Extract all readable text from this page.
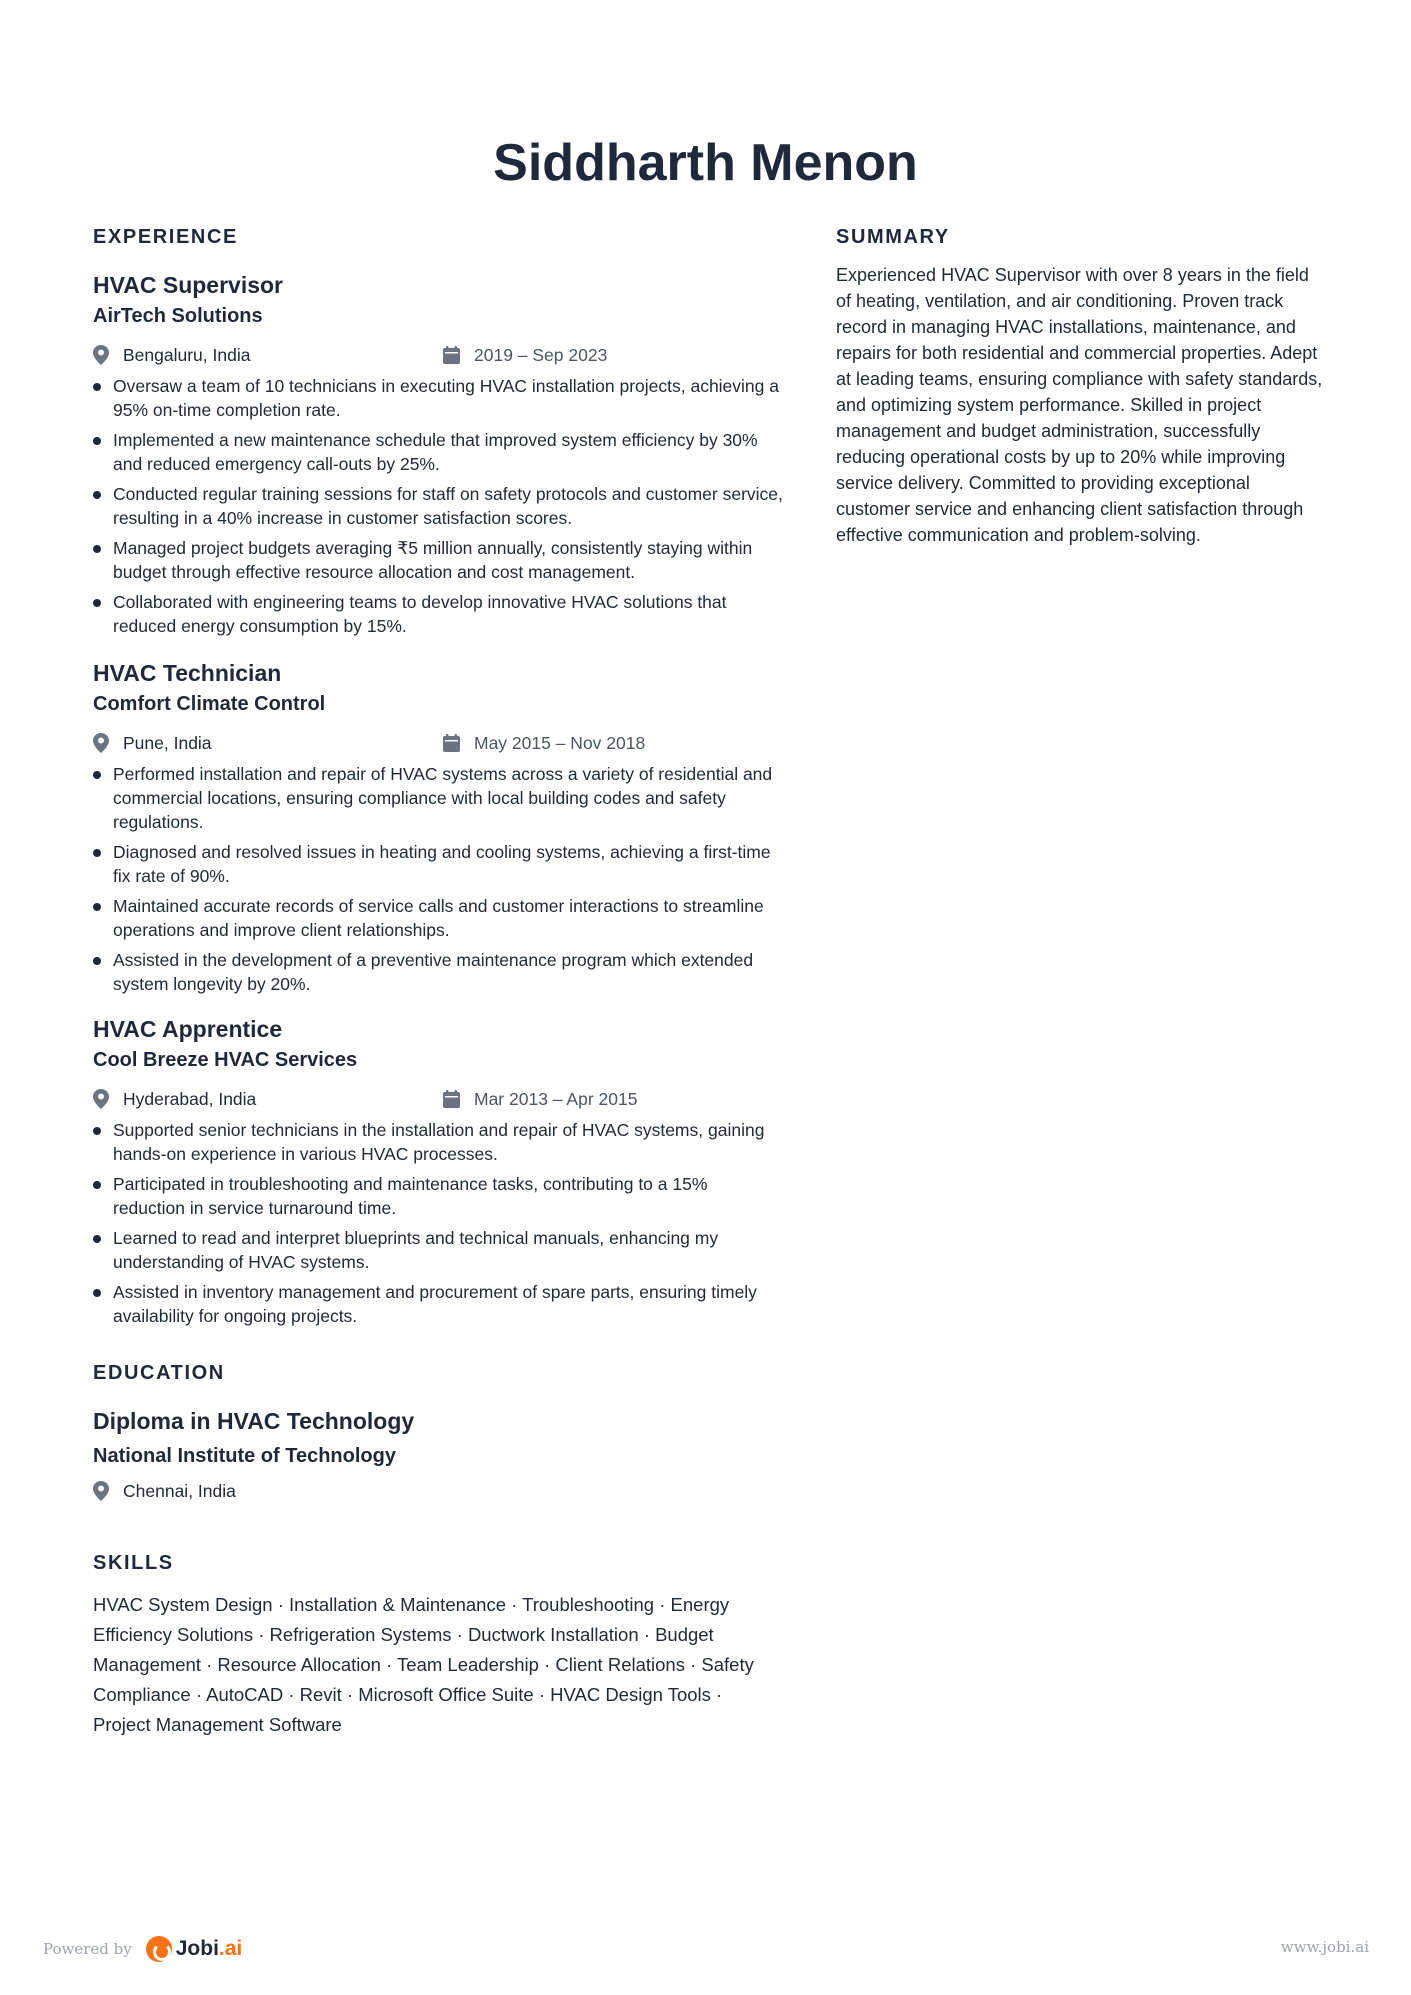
Siddharth Menon
EXPERIENCE
HVAC Supervisor
AirTech Solutions
Bengaluru, India	2019 – Sep 2023
Oversaw a team of 10 technicians in executing HVAC installation projects, achieving a 95% on-time completion rate.
Implemented a new maintenance schedule that improved system efficiency by 30% and reduced emergency call-outs by 25%.
Conducted regular training sessions for staff on safety protocols and customer service, resulting in a 40% increase in customer satisfaction scores.
Managed project budgets averaging ₹5 million annually, consistently staying within budget through effective resource allocation and cost management.
Collaborated with engineering teams to develop innovative HVAC solutions that reduced energy consumption by 15%.
HVAC Technician
Comfort Climate Control
Pune, India	May 2015 – Nov 2018
Performed installation and repair of HVAC systems across a variety of residential and commercial locations, ensuring compliance with local building codes and safety regulations.
Diagnosed and resolved issues in heating and cooling systems, achieving a first-time fix rate of 90%.
Maintained accurate records of service calls and customer interactions to streamline operations and improve client relationships.
Assisted in the development of a preventive maintenance program which extended system longevity by 20%.
HVAC Apprentice
Cool Breeze HVAC Services
Hyderabad, India	Mar 2013 – Apr 2015
Supported senior technicians in the installation and repair of HVAC systems, gaining hands-on experience in various HVAC processes.
Participated in troubleshooting and maintenance tasks, contributing to a 15% reduction in service turnaround time.
Learned to read and interpret blueprints and technical manuals, enhancing my understanding of HVAC systems.
Assisted in inventory management and procurement of spare parts, ensuring timely availability for ongoing projects.
EDUCATION
Diploma in HVAC Technology
National Institute of Technology
Chennai, India
SKILLS
HVAC System Design · Installation & Maintenance · Troubleshooting · Energy Efficiency Solutions · Refrigeration Systems · Ductwork Installation · Budget Management · Resource Allocation · Team Leadership · Client Relations · Safety Compliance · AutoCAD · Revit · Microsoft Office Suite · HVAC Design Tools · Project Management Software
SUMMARY
Experienced HVAC Supervisor with over 8 years in the field of heating, ventilation, and air conditioning. Proven track record in managing HVAC installations, maintenance, and repairs for both residential and commercial properties. Adept at leading teams, ensuring compliance with safety standards, and optimizing system performance. Skilled in project management and budget administration, successfully reducing operational costs by up to 20% while improving service delivery. Committed to providing exceptional customer service and enhancing client satisfaction through effective communication and problem-solving.
Powered by Jobi.ai	www.jobi.ai
